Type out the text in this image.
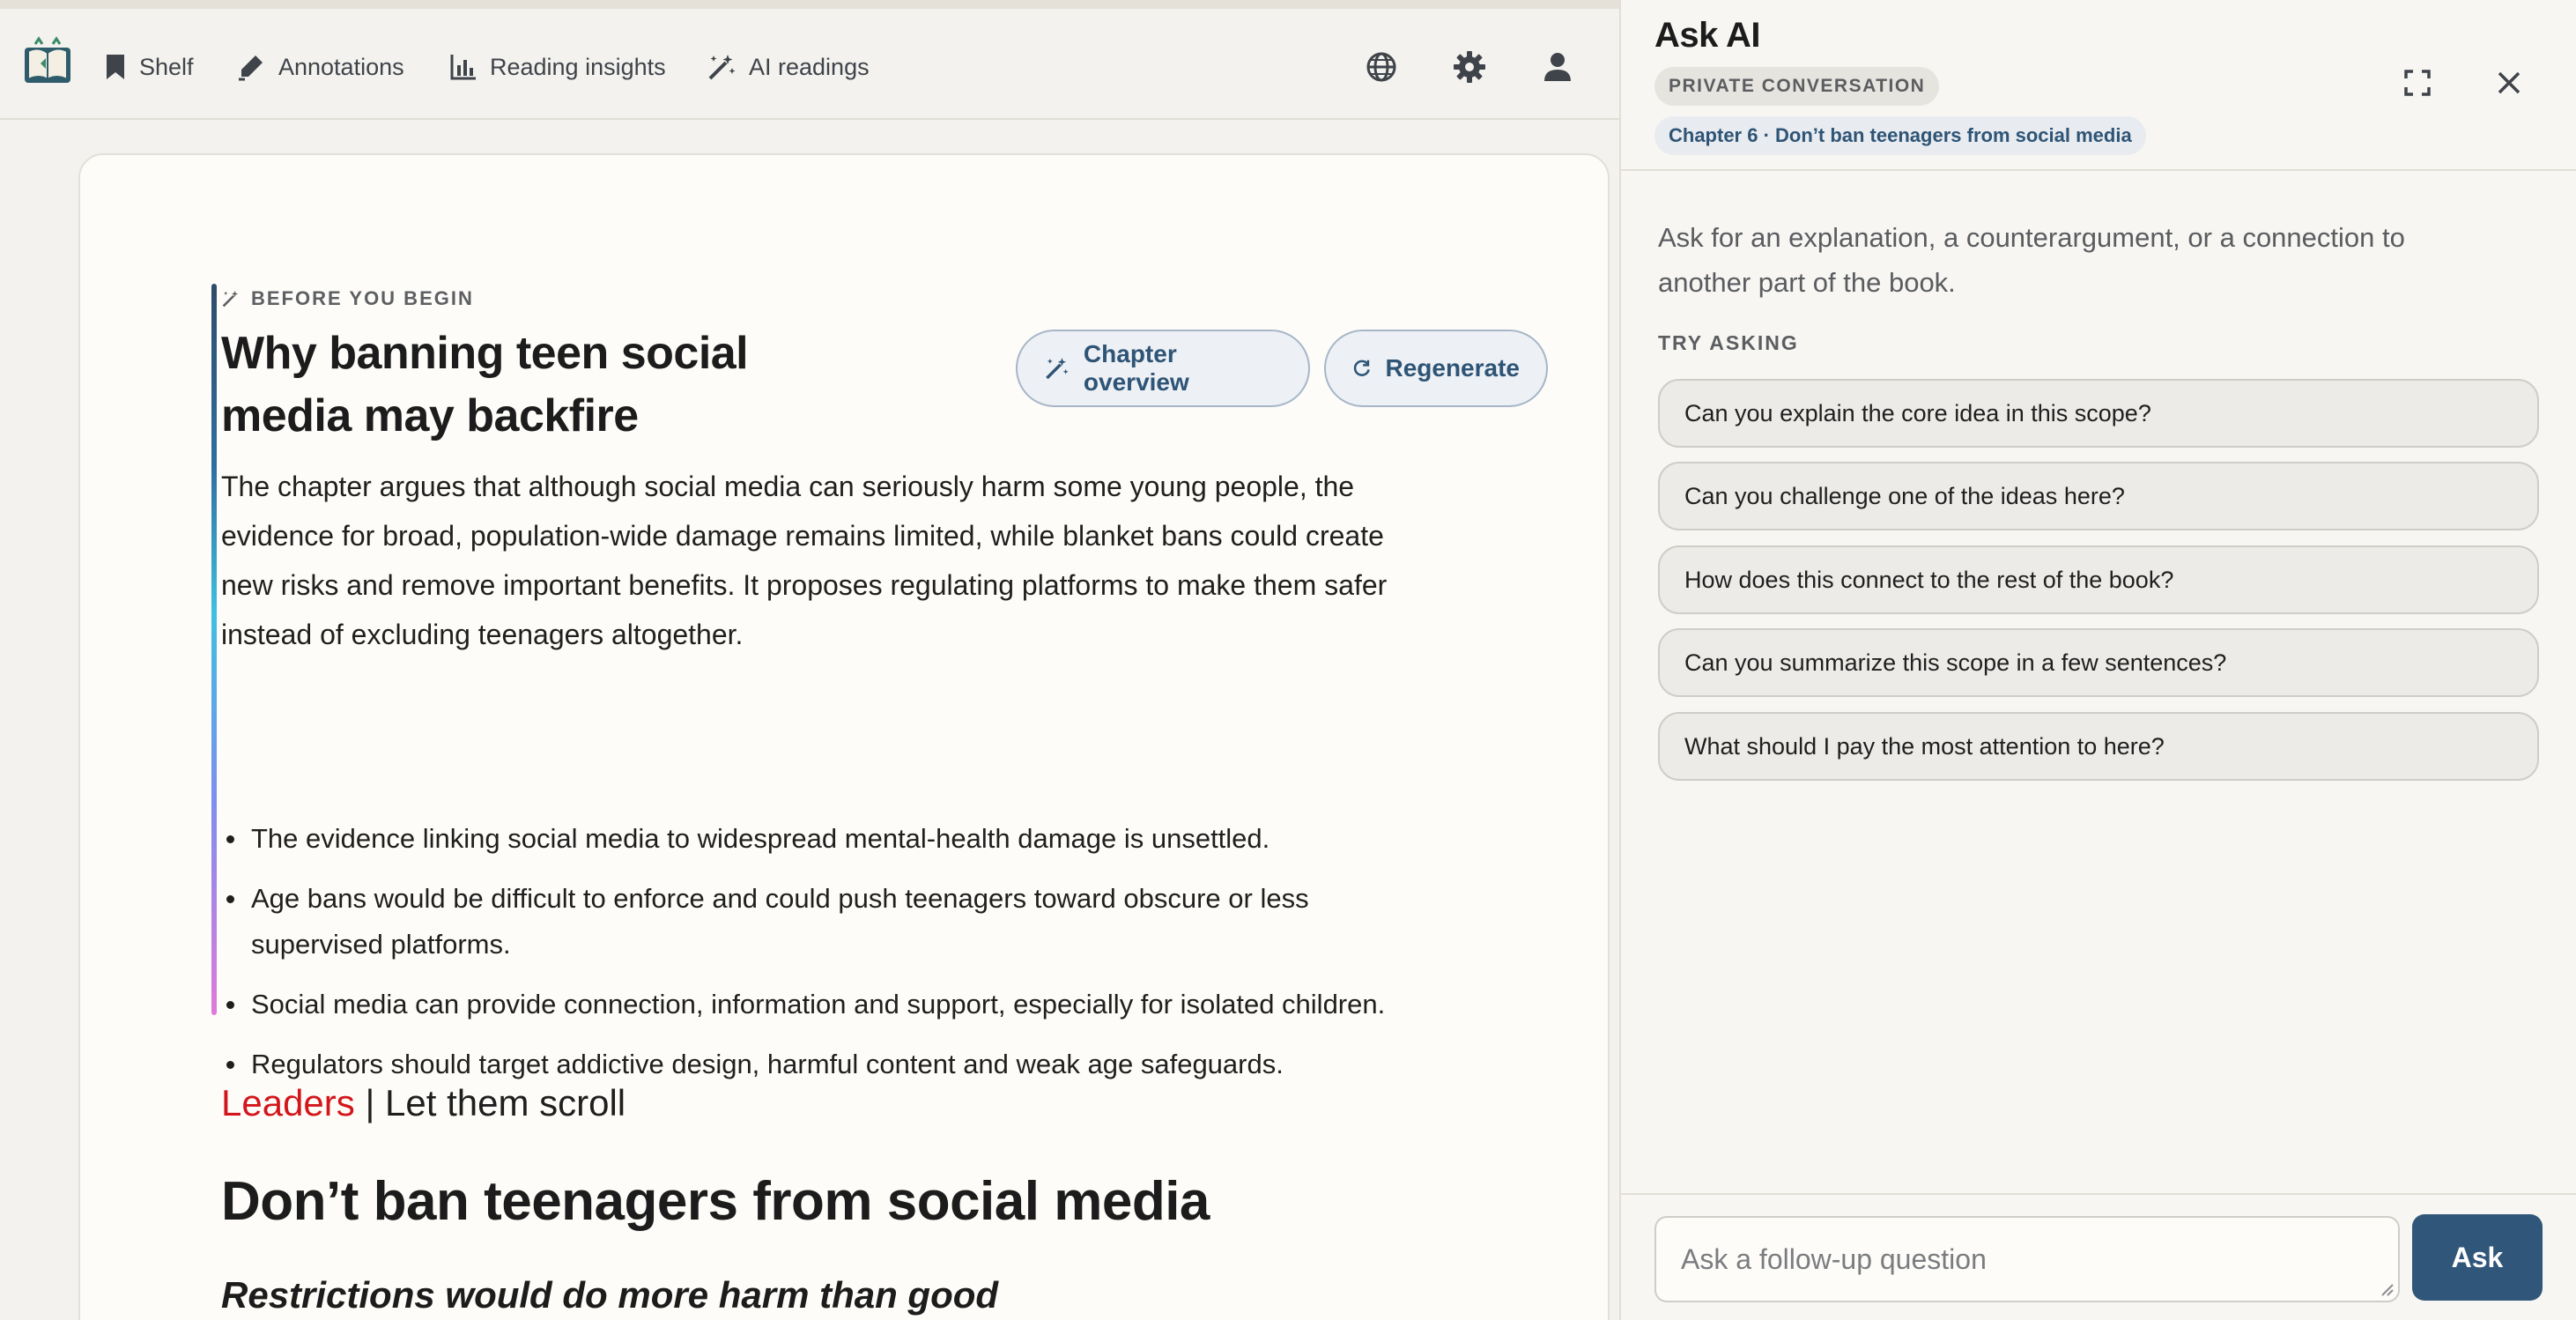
Shelf	Annotations	Reading insights	AI readings
BEFORE YOU BEGIN
Why banning teen social media may backfire
Chapter overview
Regenerate

The chapter argues that although social media can seriously harm some young people, the evidence for broad, population-wide damage remains limited, while blanket bans could create new risks and remove important benefits. It proposes regulating platforms to make them safer instead of excluding teenagers altogether.

The evidence linking social media to widespread mental-health damage is unsettled.
Age bans would be difficult to enforce and could push teenagers toward obscure or less supervised platforms.
Social media can provide connection, information and support, especially for isolated children.
Regulators should target addictive design, harmful content and weak age safeguards.
Leaders | Let them scroll
Don’t ban teenagers from social media
Restrictions would do more harm than good
Ask AI
PRIVATE CONVERSATION
Chapter 6 · Don’t ban teenagers from social media

Ask for an explanation, a counterargument, or a connection to another part of the book.

TRY ASKING
Can you explain the core idea in this scope?
Can you challenge one of the ideas here?
How does this connect to the rest of the book?
Can you summarize this scope in a few sentences?
What should I pay the most attention to here?
Ask a follow-up question
Ask
